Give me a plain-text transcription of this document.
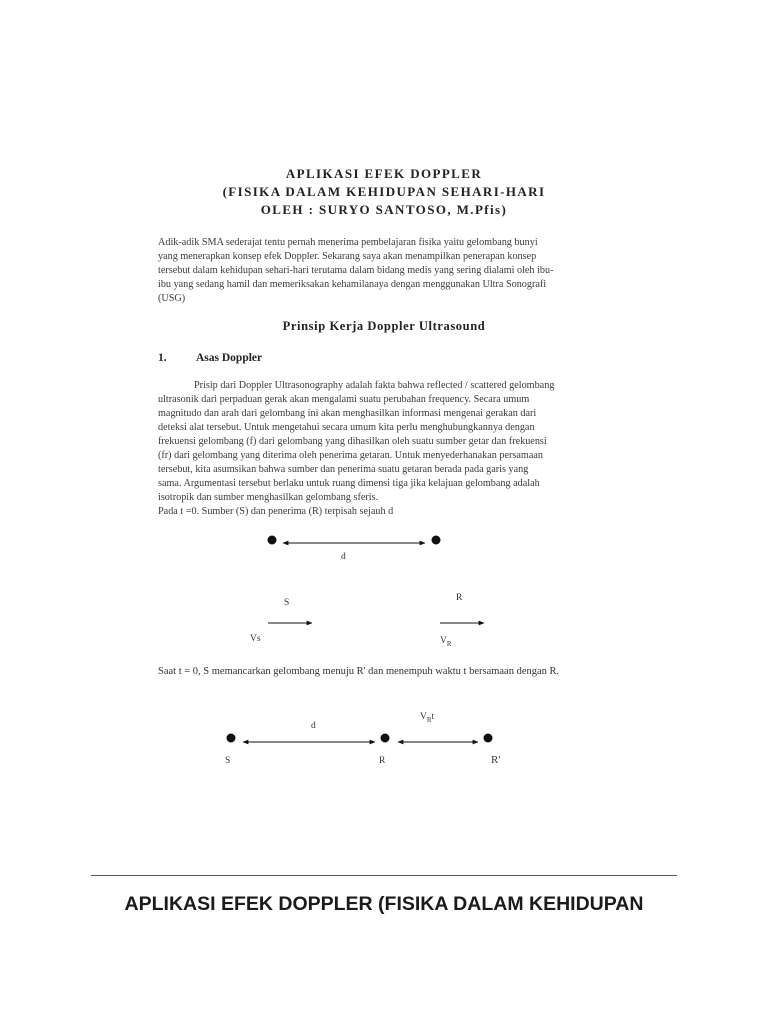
APLIKASI EFEK DOPPLER
(FISIKA DALAM KEHIDUPAN SEHARI-HARI
OLEH : SURYO SANTOSO, M.Pfis)

Adik-adik SMA sederajat tentu pernah menerima pembelajaran fisika yaitu gelombang bunyi

yang menerapkan konsep efek Doppler. Sekarang saya akan menampilkan penerapan konsep

tersebut dalam kehidupan sehari-hari terutama dalam bidang medis yang sering dialami oleh ibu-

ibu yang sedang hamil dan memeriksakan kehamilanaya dengan menggunakan Ultra Sonografi

(USG)

Prinsip Kerja Doppler Ultrasound
1.	Asas Doppler

Prisip dari Doppler Ultrasonography adalah fakta bahwa reflected / scattered gelombang

ultrasonik dari perpaduan gerak akan mengalami suatu perubahan frequency. Secara umum

magnitudo dan arah dari gelombang ini akan menghasilkan informasi mengenai gerakan dari

deteksi alat tersebut. Untuk mengetahui secara umum kita perlu menghubungkannya dengan

frekuensi gelombang (f) dari gelombang yang dihasilkan oleh suatu sumber getar dan frekuensi

(fr) dari gelombang yang diterima oleh penerima getaran. Untuk menyederhanakan persamaan

tersebut, kita asumsikan bahwa sumber dan penerima suatu getaran berada pada garis yang

sama. Argumentasi tersebut berlaku untuk ruang dimensi tiga jika kelajuan gelombang adalah

isotropik dan sumber menghasilkan gelombang sferis.

Pada t =0. Sumber (S) dan penerima (R) terpisah sejauh d

d
S	R
Vs	$V_R$
Saat t = 0, S memancarkan gelombang menuju R' dan menempuh waktu t bersamaan dengan R.
d
$V_Rt$
S	R	R'
APLIKASI EFEK DOPPLER (FISIKA DALAM KEHIDUPAN
